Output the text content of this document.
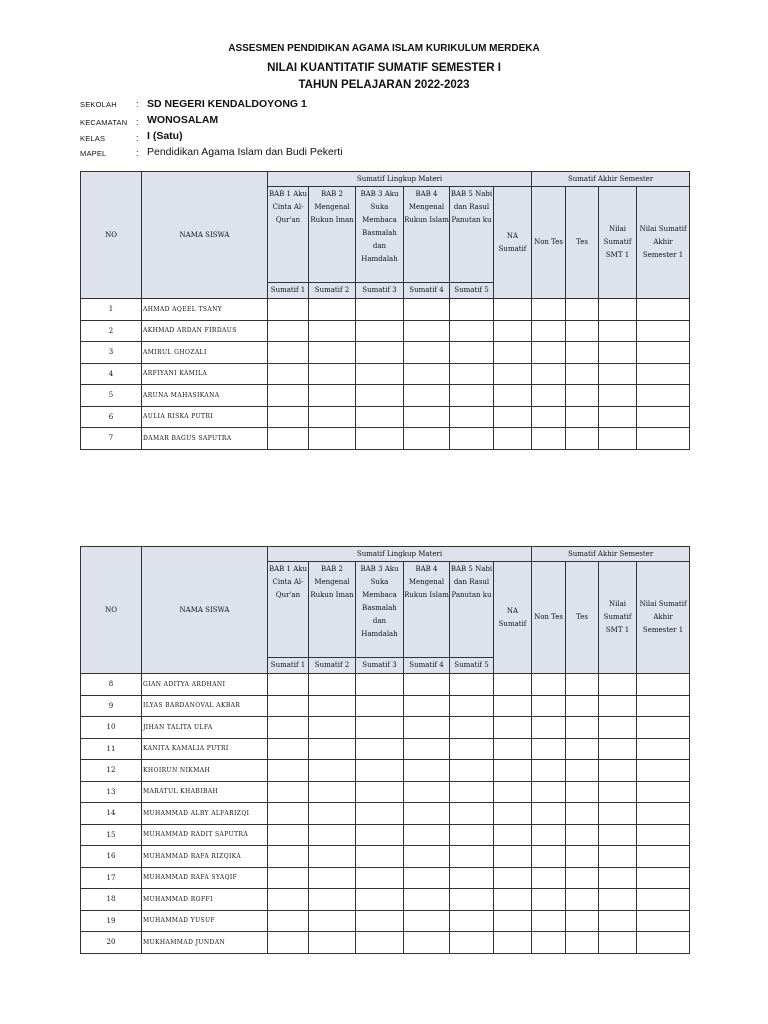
ASSESMEN PENDIDIKAN AGAMA ISLAM KURIKULUM MERDEKA
NILAI KUANTITATIF SUMATIF SEMESTER I
TAHUN PELAJARAN 2022-2023
SEKOLAH : SD NEGERI KENDALDOYONG 1
KECAMATAN : WONOSALAM
KELAS	: I (Satu)
MAPEL	: Pendidikan Agama Islam dan Budi Pekerti
NO	NAMA SISWA	Sumatif Lingkup Materi						Sumatif Akhir Semester			
		BAB 1 Aku Cinta Al-Qur'an	BAB 2 Mengenal Rukun Iman	BAB 3 Aku Suka Membaca Basmalah dan Hamdalah	BAB 4 Mengenal Rukun Islam	BAB 5 Nabi dan Rasul Panutan ku	NA Sumatif	Non Tes	Tes	Nilai Sumatif SMT 1	Nilai Sumatif Akhir Semester 1
		Sumatif 1	Sumatif 2	Sumatif 3	Sumatif 4	Sumatif 5					
1	AHMAD AQEEL TSANY										
2	AKHMAD ARDAN FIRDAUS										
3	AMIRUL GHOZALI										
4	ARFIYANI KAMILA										
5	ARUNA MAHASIKANA										
6	AULIA RISKA PUTRI										
7	DAMAR BAGUS SAPUTRA										
NO	NAMA SISWA	Sumatif Lingkup Materi						Sumatif Akhir Semester			
		BAB 1 Aku Cinta Al-Qur'an	BAB 2 Mengenal Rukun Iman	BAB 3 Aku Suka Membaca Basmalah dan Hamdalah	BAB 4 Mengenal Rukun Islam	BAB 5 Nabi dan Rasul Panutan ku	NA Sumatif	Non Tes	Tes	Nilai Sumatif SMT 1	Nilai Sumatif Akhir Semester 1
		Sumatif 1	Sumatif 2	Sumatif 3	Sumatif 4	Sumatif 5					
8	GIAN ADITYA ARDHANI										
9	ILYAS BARDANOVAL AKBAR										
10	JIHAN TALITA ULFA										
11	KANITA KAMALIA PUTRI										
12	KHOIRUN NIKMAH										
13	MARATUL KHABIBAH										
14	MUHAMMAD ALBY ALFARIZQI										
15	MUHAMMAD RADIT SAPUTRA										
16	MUHAMMAD RAFA RIZQIKA										
17	MUHAMMAD RAFA SYAQIF										
18	MUHAMMAD ROFFI										
19	MUHAMMAD YUSUF										
20	MUKHAMMAD JUNDAN										
